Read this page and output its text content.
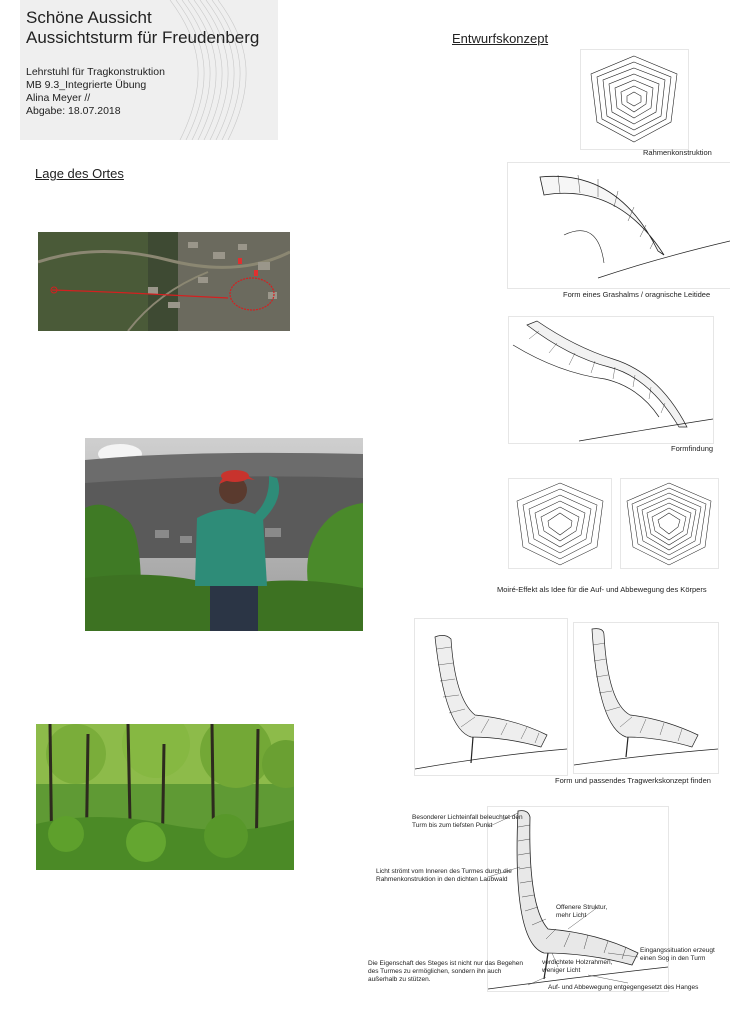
Schöne Aussicht
Aussichtsturm für Freudenberg
Lehrstuhl für Tragkonstruktion
MB 9.3_Integrierte Übung
Alina Meyer //
Abgabe: 18.07.2018
Lage des Ortes
Entwurfskonzept
Rahmenkonstruktion
Form eines Grashalms / oragnische Leitidee
Formfindung
Moiré-Effekt als Idee für die Auf- und Abbewegung des Körpers
Form und passendes Tragwerkskonzept finden
Besonderer Lichteinfall beleuchtet den Turm bis zum tiefsten Punkt
Licht strömt vom Inneren des Turmes durch die Rahmenkonstruktion in den dichten Laubwald
Offenere Struktur, mehr Licht
Eingangssituation erzeugt einen Sog in den Turm
verdichtete Holzrahmen, weniger Licht
Die Eigenschaft des Steges ist nicht nur das Begehen des Turmes zu ermöglichen, sondern ihn auch außerhalb zu stützen.
Auf- und Abbewegung entgegengesetzt des Hanges
